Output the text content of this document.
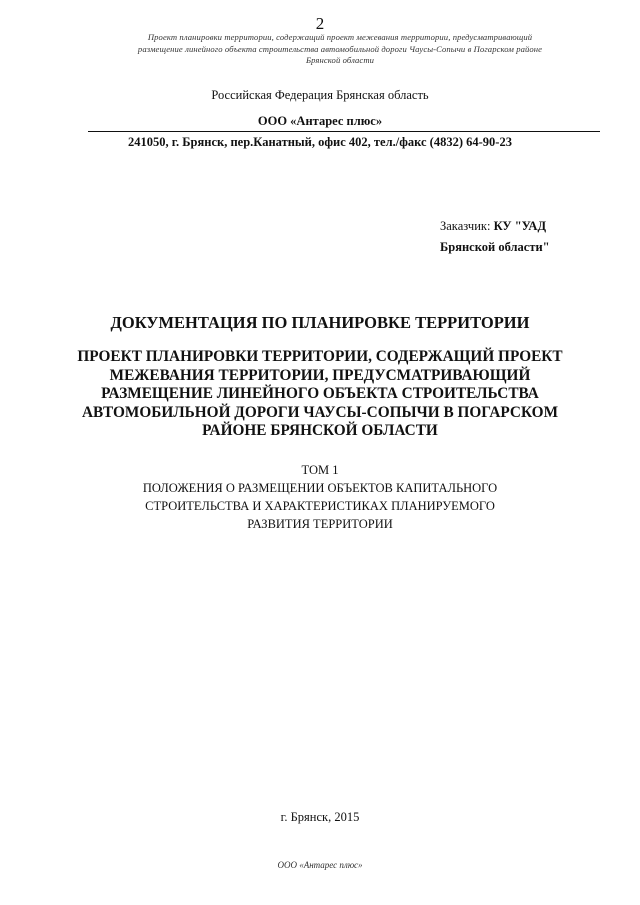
2
Проект планировки территории, содержащий проект межевания территории, предусматривающий
размещение линейного объекта строительства автомобильной дороги Чаусы-Сопычи в Погарском районе
Брянской области
Российская Федерация Брянская область
ООО «Антарес плюс»
241050, г. Брянск, пер.Канатный, офис 402, тел./факс (4832) 64-90-23
Заказчик: КУ "УАД
Брянской области"
ДОКУМЕНТАЦИЯ ПО ПЛАНИРОВКЕ ТЕРРИТОРИИ
ПРОЕКТ ПЛАНИРОВКИ ТЕРРИТОРИИ, СОДЕРЖАЩИЙ ПРОЕКТ
МЕЖЕВАНИЯ ТЕРРИТОРИИ, ПРЕДУСМАТРИВАЮЩИЙ
РАЗМЕЩЕНИЕ ЛИНЕЙНОГО ОБЪЕКТА СТРОИТЕЛЬСТВА
АВТОМОБИЛЬНОЙ ДОРОГИ ЧАУСЫ-СОПЫЧИ В ПОГАРСКОМ
РАЙОНЕ БРЯНСКОЙ ОБЛАСТИ
ТОМ 1
ПОЛОЖЕНИЯ О РАЗМЕЩЕНИИ ОБЪЕКТОВ КАПИТАЛЬНОГО
СТРОИТЕЛЬСТВА И ХАРАКТЕРИСТИКАХ ПЛАНИРУЕМОГО
РАЗВИТИЯ ТЕРРИТОРИИ
г. Брянск, 2015
ООО «Антарес плюс»
